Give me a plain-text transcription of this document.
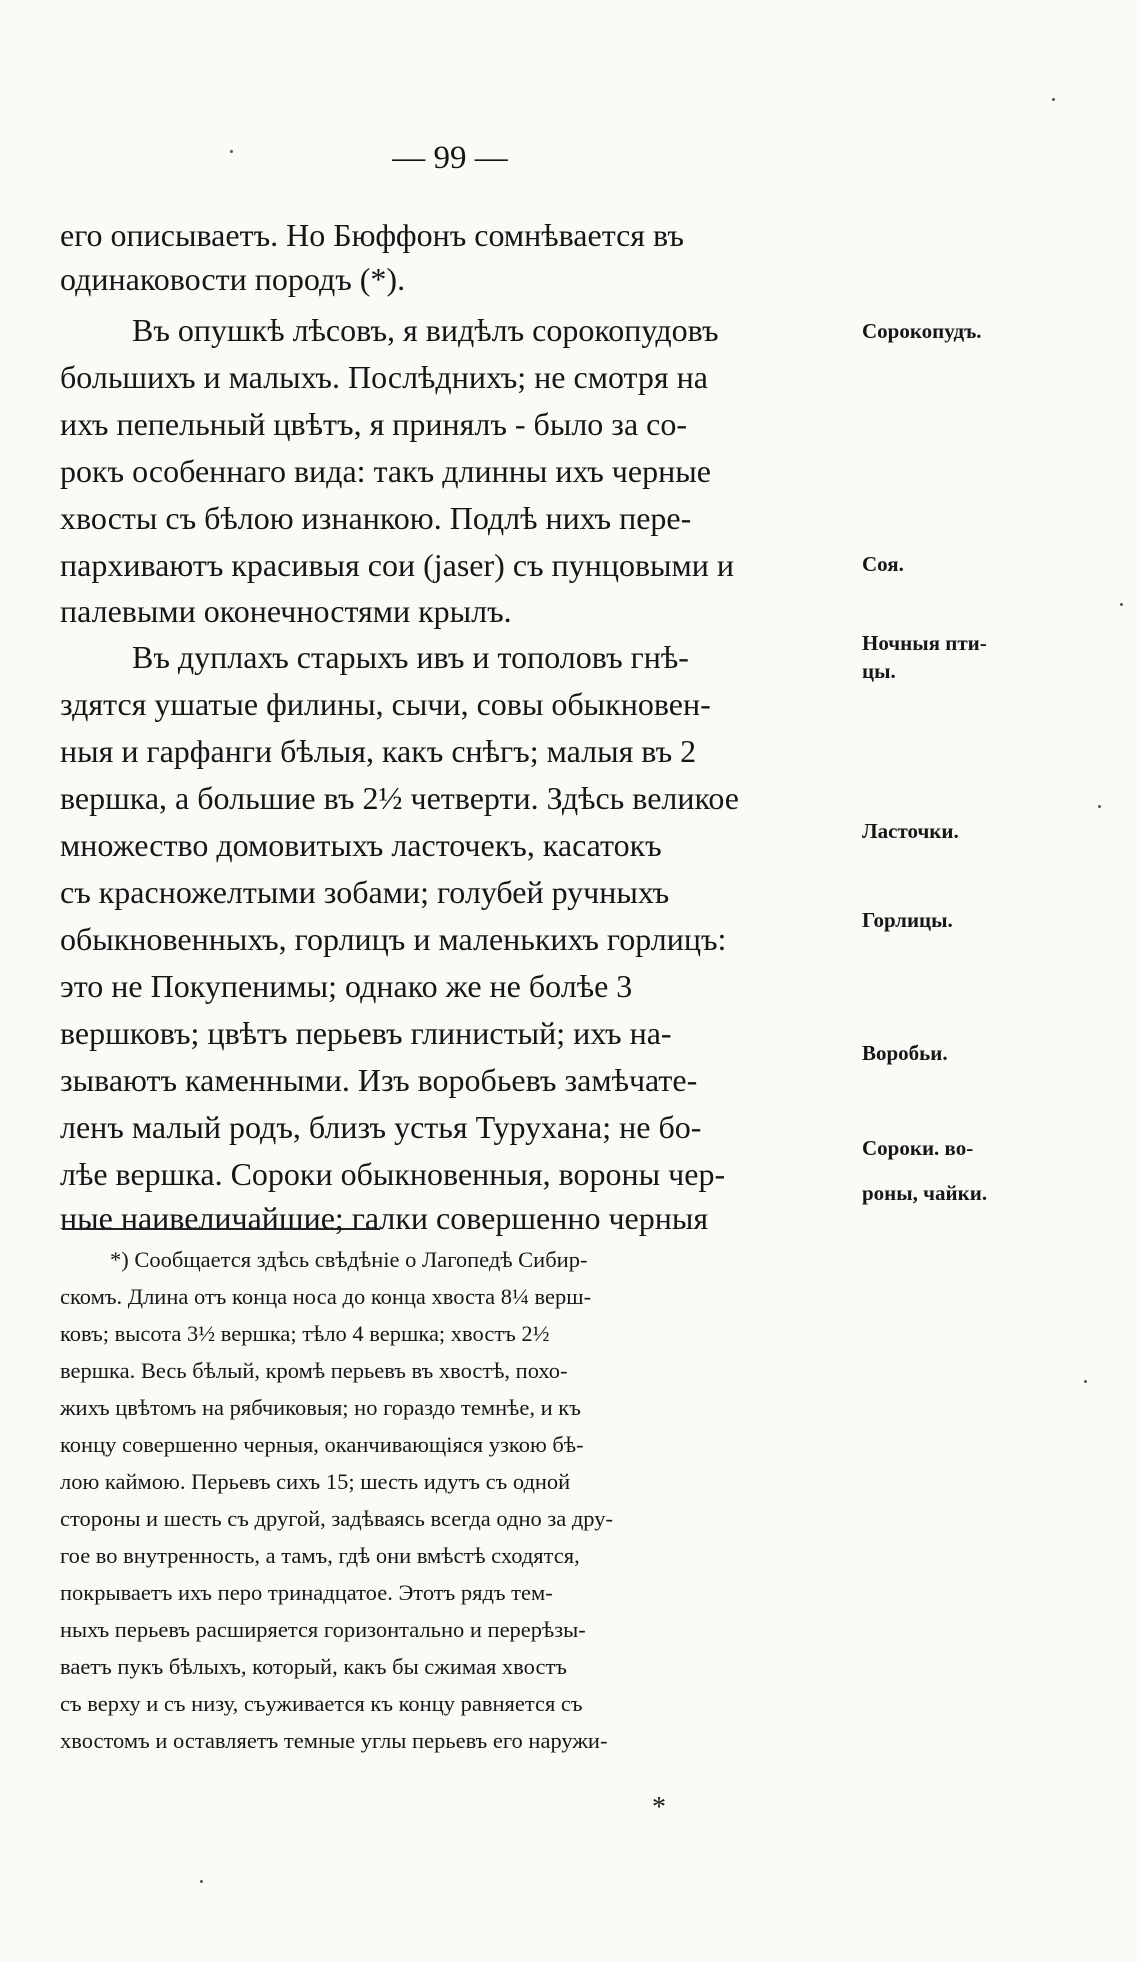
— 99 —
его описываетъ. Но Бюффонъ сомнѣвается въ
одинаковости породъ (*).
Въ опушкѣ лѣсовъ, я видѣлъ сорокопудовъ
большихъ и малыхъ. Послѣднихъ; не смотря на
ихъ пепельный цвѣтъ, я принялъ - было за со-
рокъ особеннаго вида: такъ длинны ихъ черные
хвосты съ бѣлою изнанкою. Подлѣ нихъ пере-
пархиваютъ красивыя сои (jaser) съ пунцовыми и
палевыми оконечностями крылъ.
Въ дуплахъ старыхъ ивъ и тополовъ гнѣ-
здятся ушатые филины, сычи, совы обыкновен-
ныя и гарфанги бѣлыя, какъ снѣгъ; малыя въ 2
вершка, а большие въ 2½ четверти. Здѣсь великое
множество домовитыхъ ласточекъ, касатокъ
съ красножелтыми зобами; голубей ручныхъ
обыкновенныхъ, горлицъ и маленькихъ горлицъ:
это не Покупенимы; однако же не болѣе 3
вершковъ; цвѣтъ перьевъ глинистый; ихъ на-
зываютъ каменными. Изъ воробьевъ замѣчате-
ленъ малый родъ, близъ устья Турухана; не бо-
лѣе вершка. Сороки обыкновенныя, вороны чер-
ные наивеличайшие; галки совершенно черныя
Сорокопудъ.
Соя.
Ночныя пти-
цы.
Ласточки.
Горлицы.
Воробьи.
Сороки. во-
роны, чайки.
*) Сообщается здѣсь свѣдѣнie о Лагопедѣ Сибир-
скомъ. Длина отъ конца носа до конца хвоста 8¼ верш-
ковъ; высота 3½ вершка; тѣло 4 вершка; хвостъ 2½
вершка. Весь бѣлый, кромѣ перьевъ въ хвостѣ, похо-
жихъ цвѣтомъ на рябчиковыя; но гораздо темнѣе, и къ
концу совершенно черныя, оканчивающiяся узкою бѣ-
лою каймою. Перьевъ сихъ 15; шесть идутъ съ одной
стороны и шесть съ другой, задѣваясь всегда одно за дру-
гое во внутренность, а тамъ, гдѣ они вмѣстѣ сходятся,
покрываетъ ихъ перо тринадцатое. Этотъ рядъ тем-
ныхъ перьевъ расширяется горизонтально и перерѣзы-
ваетъ пукъ бѣлыхъ, который, какъ бы сжимая хвостъ
съ верху и съ низу, съуживается къ концу равняется съ
хвостомъ и оставляетъ темные углы перьевъ его наружи-
*
